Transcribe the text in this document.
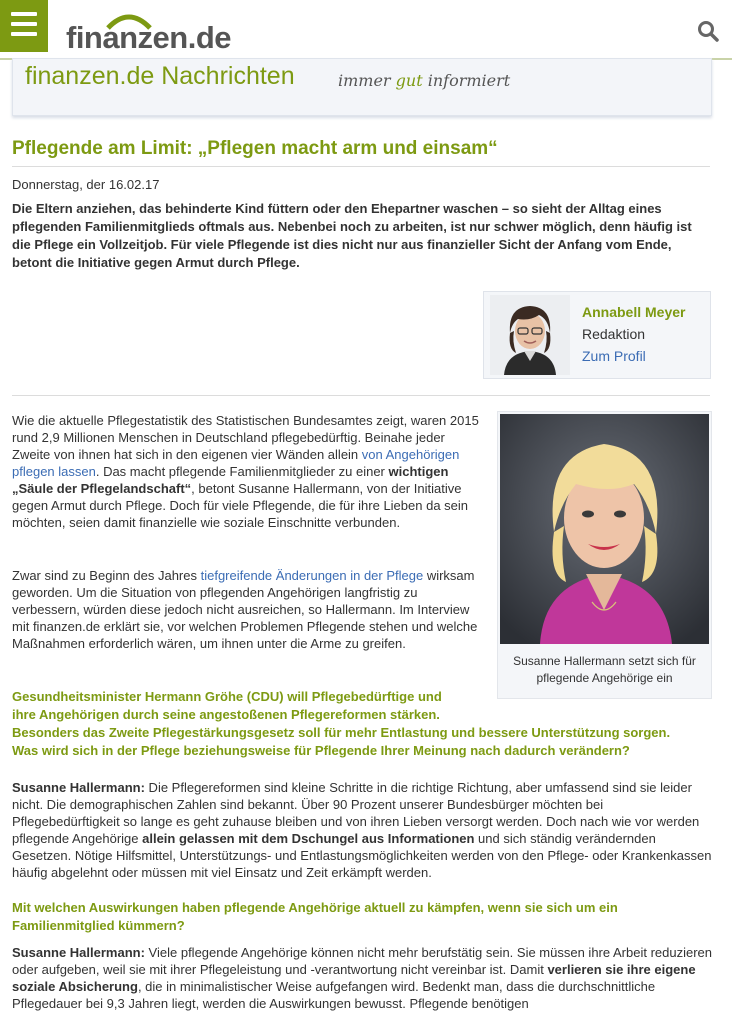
finanzen.de
finanzen.de Nachrichten	immer gut informiert
Pflegende am Limit: „Pflegen macht arm und einsam“
Donnerstag, der 16.02.17

Die Eltern anziehen, das behinderte Kind füttern oder den Ehepartner waschen – so sieht der Alltag eines pflegenden Familienmitglieds oftmals aus. Nebenbei noch zu arbeiten, ist nur schwer möglich, denn häufig ist die Pflege ein Vollzeitjob. Für viele Pflegende ist dies nicht nur aus finanzieller Sicht der Anfang vom Ende, betont die Initiative gegen Armut durch Pflege.

Annabell Meyer
Redaktion
Zum Profil

Wie die aktuelle Pflegestatistik des Statistischen Bundesamtes zeigt, waren 2015 rund 2,9 Millionen Menschen in Deutschland pflegebedürftig. Beinahe jeder Zweite von ihnen hat sich in den eigenen vier Wänden allein von Angehörigen pflegen lassen. Das macht pflegende Familienmitglieder zu einer wichtigen „Säule der Pflegelandschaft“, betont Susanne Hallermann, von der Initiative gegen Armut durch Pflege. Doch für viele Pflegende, die für ihre Lieben da sein möchten, seien damit finanzielle wie soziale Einschnitte verbunden.

Zwar sind zu Beginn des Jahres tiefgreifende Änderungen in der Pflege wirksam geworden. Um die Situation von pflegenden Angehörigen langfristig zu verbessern, würden diese jedoch nicht ausreichen, so Hallermann. Im Interview mit finanzen.de erklärt sie, vor welchen Problemen Pflegende stehen und welche Maßnahmen erforderlich wären, um ihnen unter die Arme zu greifen.

Susanne Hallermann setzt sich für pflegende Angehörige ein

Gesundheitsminister Hermann Gröhe (CDU) will Pflegebedürftige und
ihre Angehörigen durch seine angestoßenen Pflegereformen stärken.
Besonders das Zweite Pflegestärkungsgesetz soll für mehr Entlastung und bessere Unterstützung sorgen.
Was wird sich in der Pflege beziehungsweise für Pflegende Ihrer Meinung nach dadurch verändern?

Susanne Hallermann: Die Pflegereformen sind kleine Schritte in die richtige Richtung, aber umfassend sind sie leider nicht. Die demographischen Zahlen sind bekannt. Über 90 Prozent unserer Bundesbürger möchten bei Pflegebedürftigkeit so lange es geht zuhause bleiben und von ihren Lieben versorgt werden. Doch nach wie vor werden pflegende Angehörige allein gelassen mit dem Dschungel aus Informationen und sich ständig verändernden Gesetzen. Nötige Hilfsmittel, Unterstützungs- und Entlastungsmöglichkeiten werden von den Pflege- oder Krankenkassen häufig abgelehnt oder müssen mit viel Einsatz und Zeit erkämpft werden.

Mit welchen Auswirkungen haben pflegende Angehörige aktuell zu kämpfen, wenn sie sich um ein Familienmitglied kümmern?

Susanne Hallermann: Viele pflegende Angehörige können nicht mehr berufstätig sein. Sie müssen ihre Arbeit reduzieren oder aufgeben, weil sie mit ihrer Pflegeleistung und -verantwortung nicht vereinbar ist. Damit verlieren sie ihre eigene soziale Absicherung, die in minimalistischer Weise aufgefangen wird. Bedenkt man, dass die durchschnittliche Pflegedauer bei 9,3 Jahren liegt, werden die Auswirkungen bewusst. Pflegende benötigen
